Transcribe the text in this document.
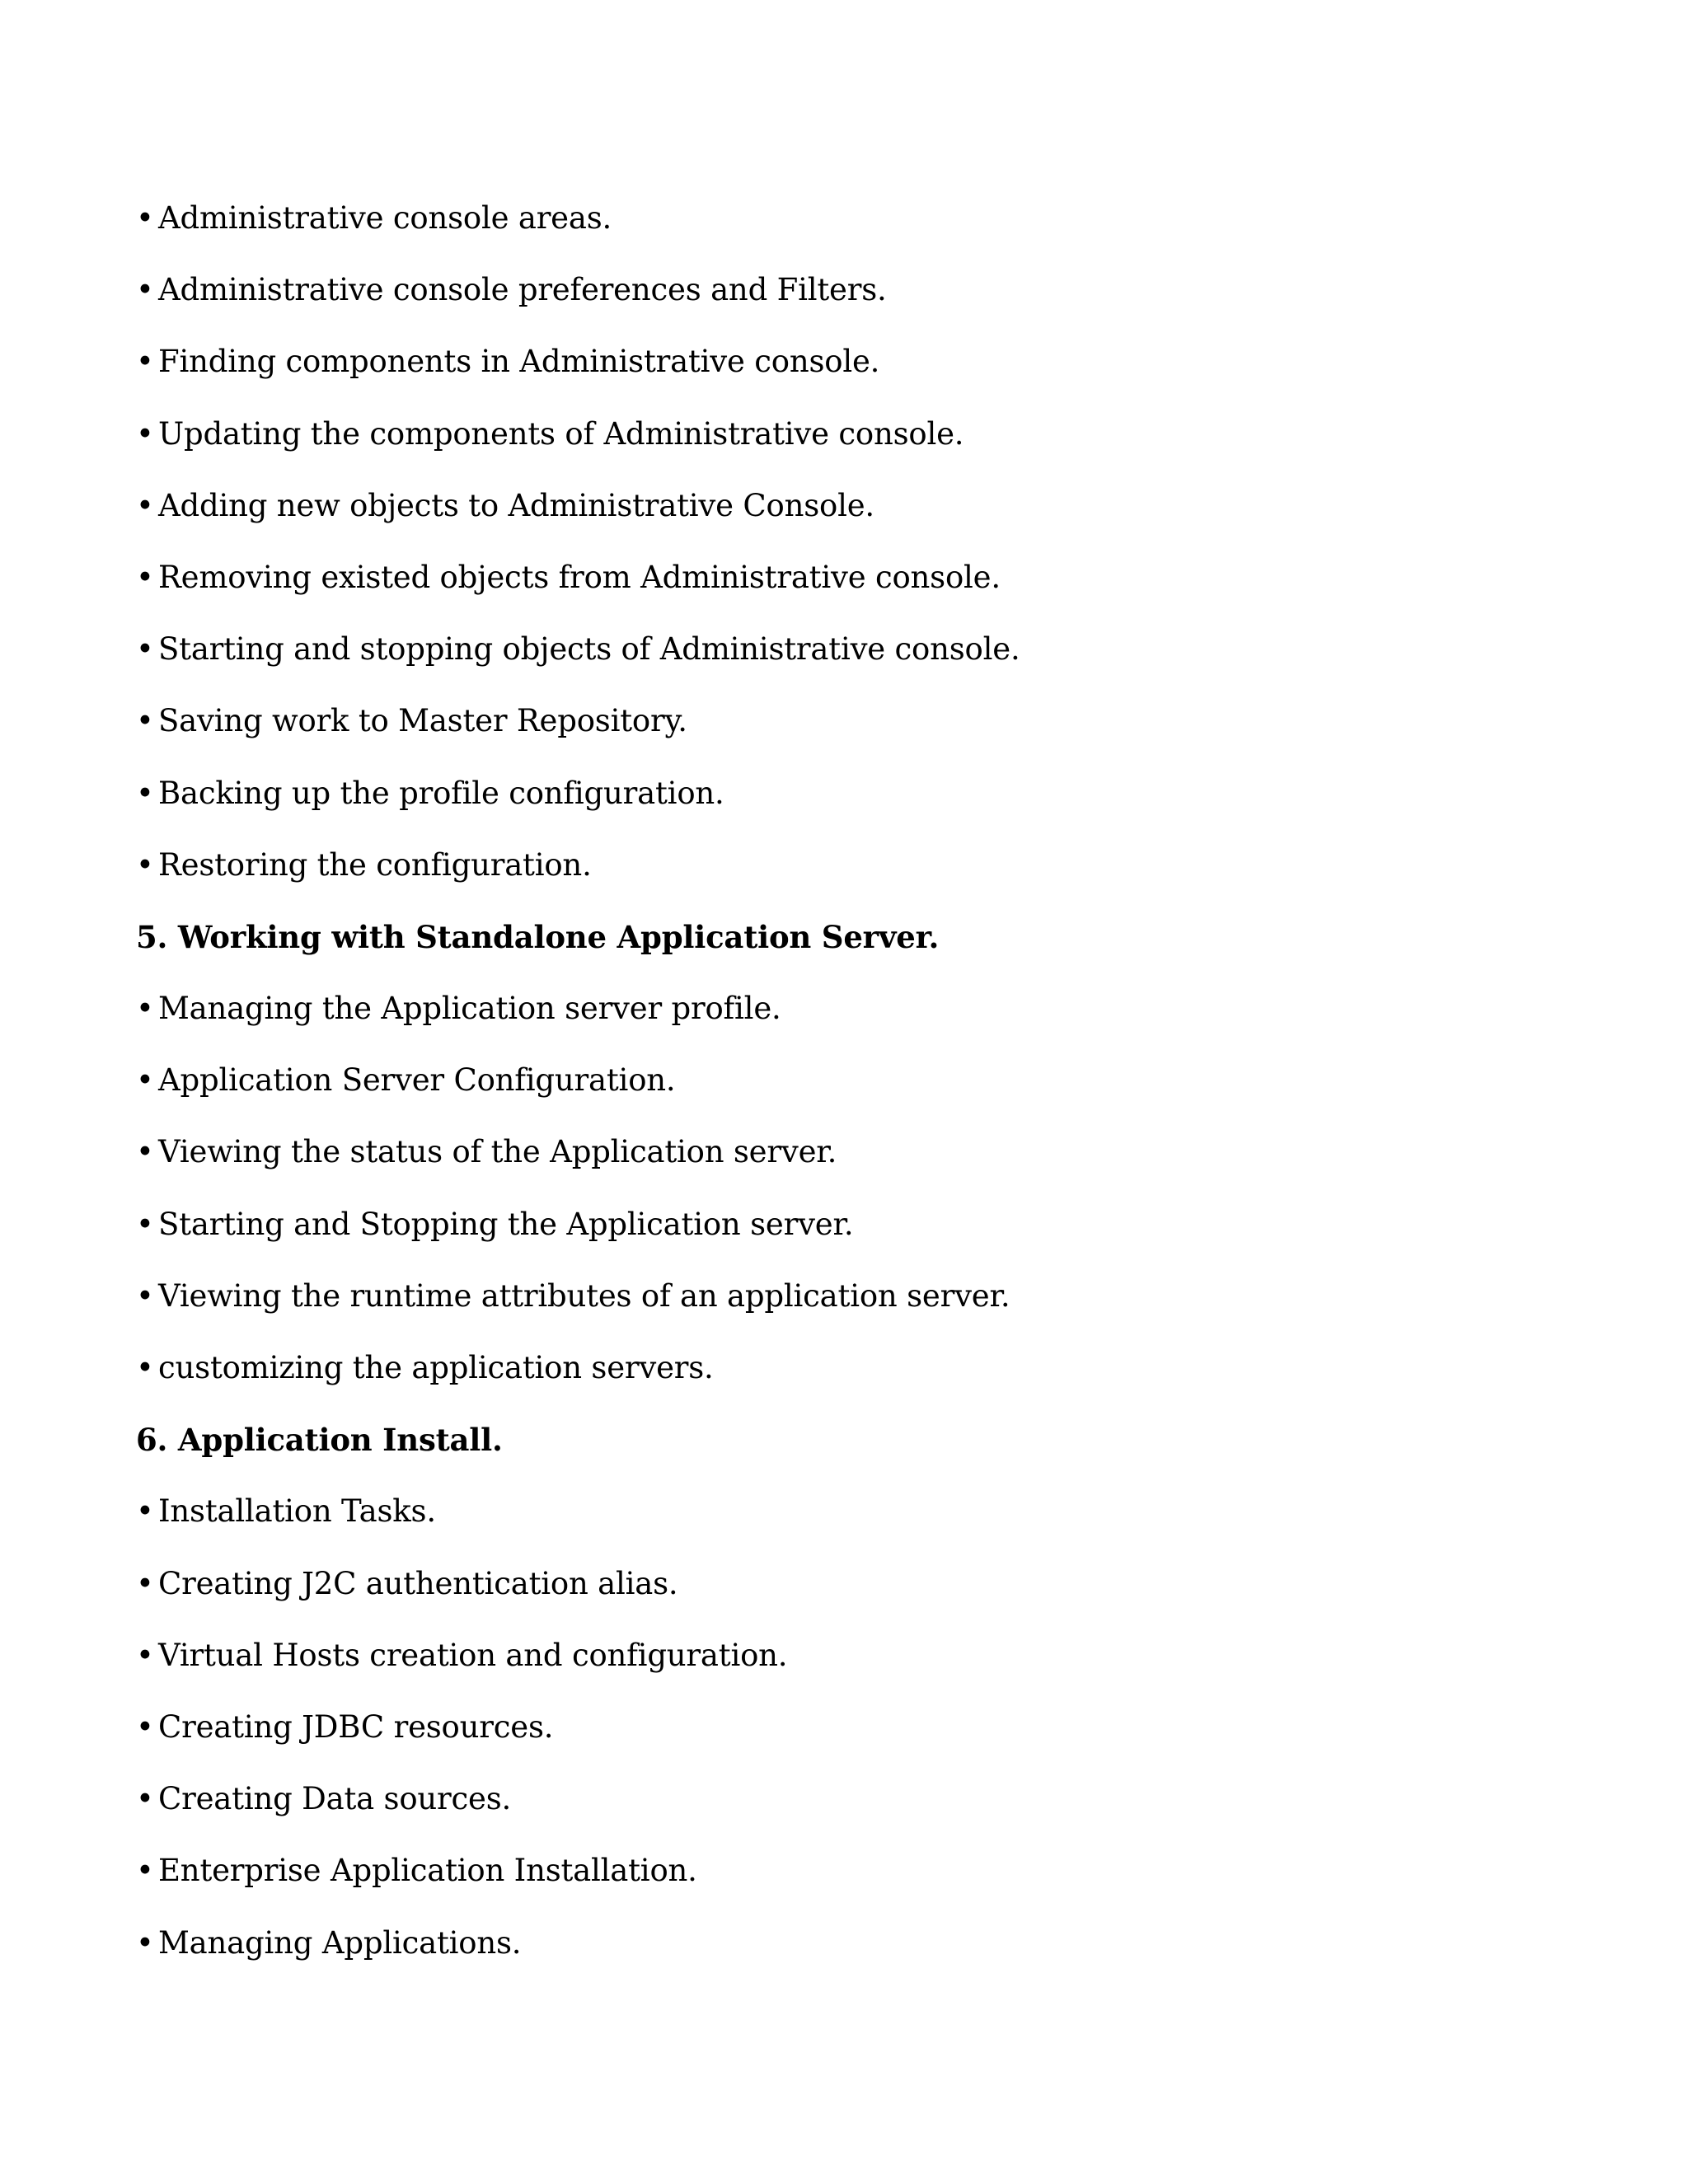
• Administrative console areas.
• Administrative console preferences and Filters.
• Finding components in Administrative console.
• Updating the components of Administrative console.
• Adding new objects to Administrative Console.
• Removing existed objects from Administrative console.
• Starting and stopping objects of Administrative console.
• Saving work to Master Repository.
• Backing up the profile configuration.
• Restoring the configuration.
5. Working with Standalone Application Server.
• Managing the Application server profile.
• Application Server Configuration.
• Viewing the status of the Application server.
• Starting and Stopping the Application server.
• Viewing the runtime attributes of an application server.
• customizing the application servers.
6. Application Install.
• Installation Tasks.
• Creating J2C authentication alias.
• Virtual Hosts creation and configuration.
• Creating JDBC resources.
• Creating Data sources.
• Enterprise Application Installation.
• Managing Applications.
